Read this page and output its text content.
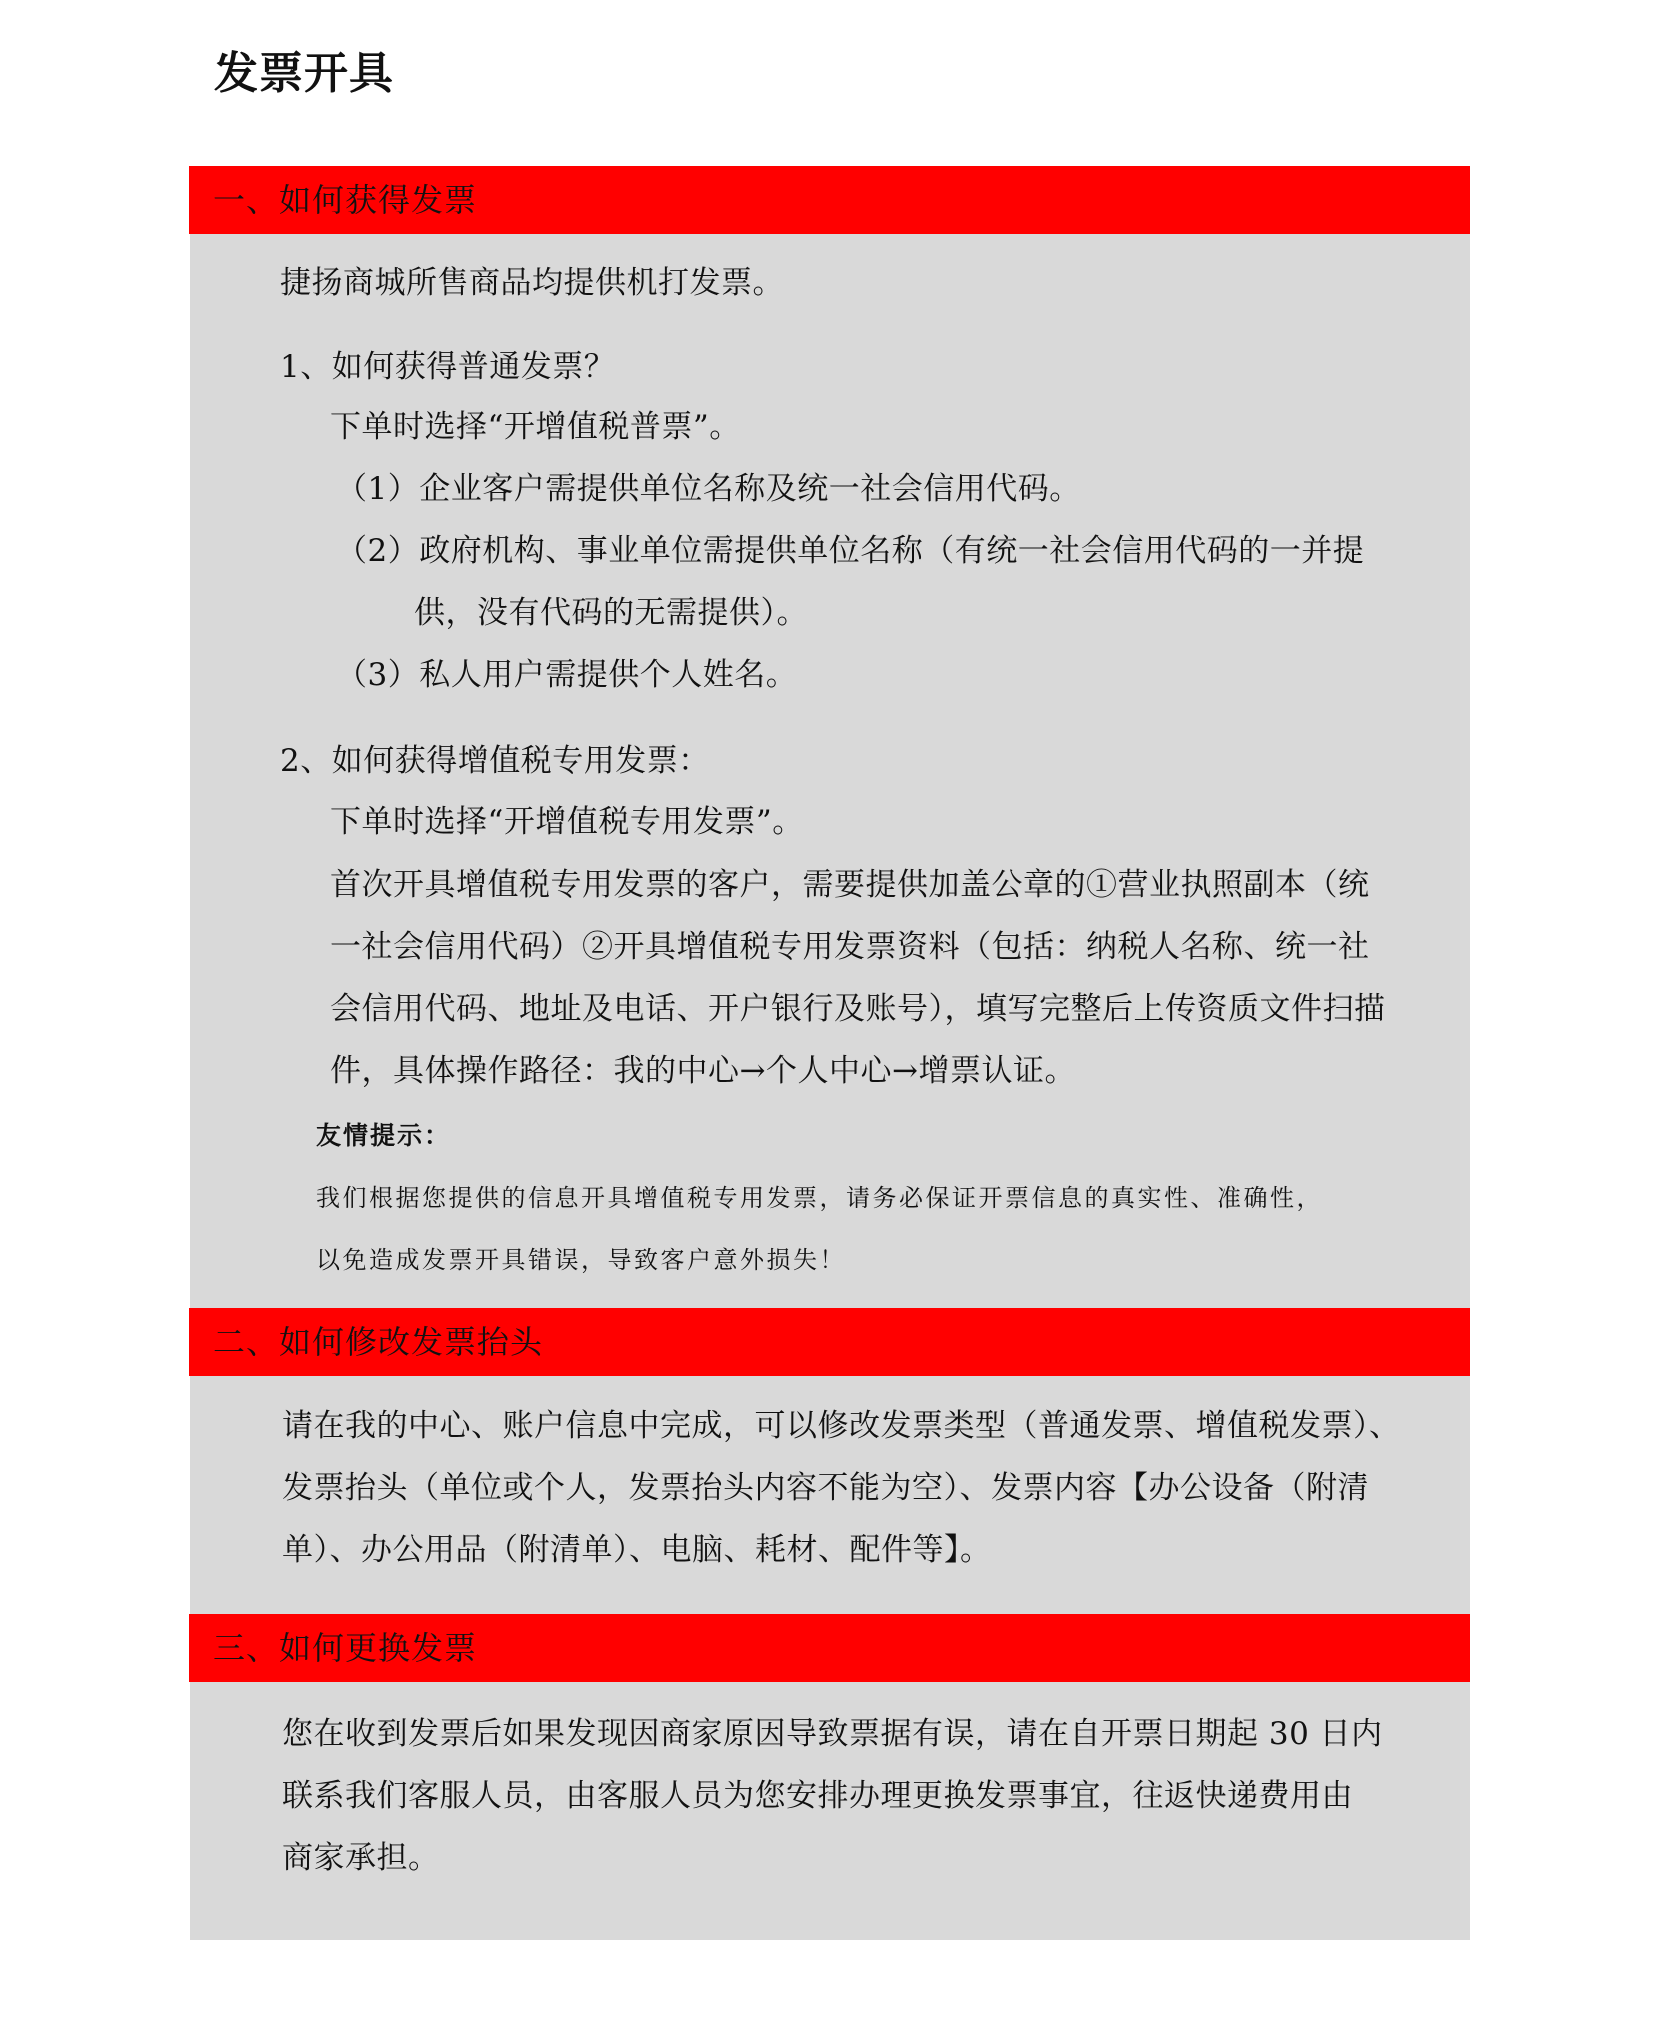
发票开具
一、如何获得发票
捷扬商城所售商品均提供机打发票。
1、如何获得普通发票？
下单时选择“开增值税普票”。
（1）企业客户需提供单位名称及统一社会信用代码。
（2）政府机构、事业单位需提供单位名称（有统一社会信用代码的一并提
供，没有代码的无需提供）。
（3）私人用户需提供个人姓名。
2、如何获得增值税专用发票：
下单时选择“开增值税专用发票”。
首次开具增值税专用发票的客户，需要提供加盖公章的①营业执照副本（统
一社会信用代码）②开具增值税专用发票资料（包括：纳税人名称、统一社
会信用代码、地址及电话、开户银行及账号），填写完整后上传资质文件扫描
件，具体操作路径：我的中心→个人中心→增票认证。
友情提示：
我们根据您提供的信息开具增值税专用发票，请务必保证开票信息的真实性、准确性，
以免造成发票开具错误，导致客户意外损失！
二、如何修改发票抬头
请在我的中心、账户信息中完成，可以修改发票类型（普通发票、增值税发票）、
发票抬头（单位或个人，发票抬头内容不能为空）、发票内容【办公设备（附清
单）、办公用品（附清单）、电脑、耗材、配件等】。
三、如何更换发票
您在收到发票后如果发现因商家原因导致票据有误，请在自开票日期起 30 日内
联系我们客服人员，由客服人员为您安排办理更换发票事宜，往返快递费用由
商家承担。
